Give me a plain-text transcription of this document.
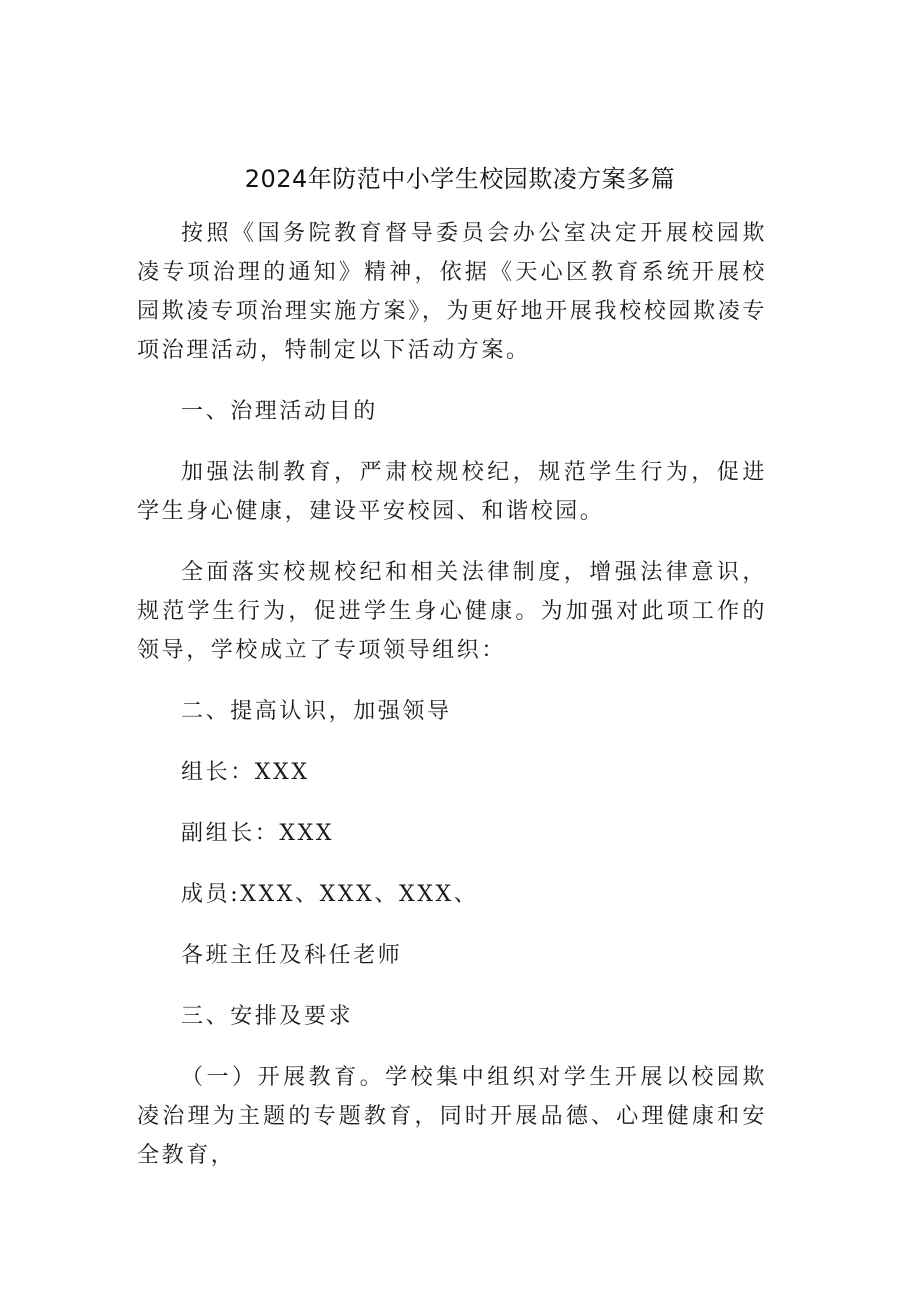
2024年防范中小学生校园欺凌方案多篇

按照《国务院教育督导委员会办公室决定开展校园欺凌专项治理的通知》精神，依据《天心区教育系统开展校园欺凌专项治理实施方案》，为更好地开展我校校园欺凌专项治理活动，特制定以下活动方案。

一、治理活动目的

加强法制教育，严肃校规校纪，规范学生行为，促进学生身心健康，建设平安校园、和谐校园。

全面落实校规校纪和相关法律制度，增强法律意识，规范学生行为，促进学生身心健康。为加强对此项工作的领导，学校成立了专项领导组织：

二、提高认识，加强领导

组长：XXX

副组长：XXX

成员:XXX、XXX、XXX、

各班主任及科任老师

三、安排及要求

（一）开展教育。学校集中组织对学生开展以校园欺凌治理为主题的专题教育，同时开展品德、心理健康和安全教育，
